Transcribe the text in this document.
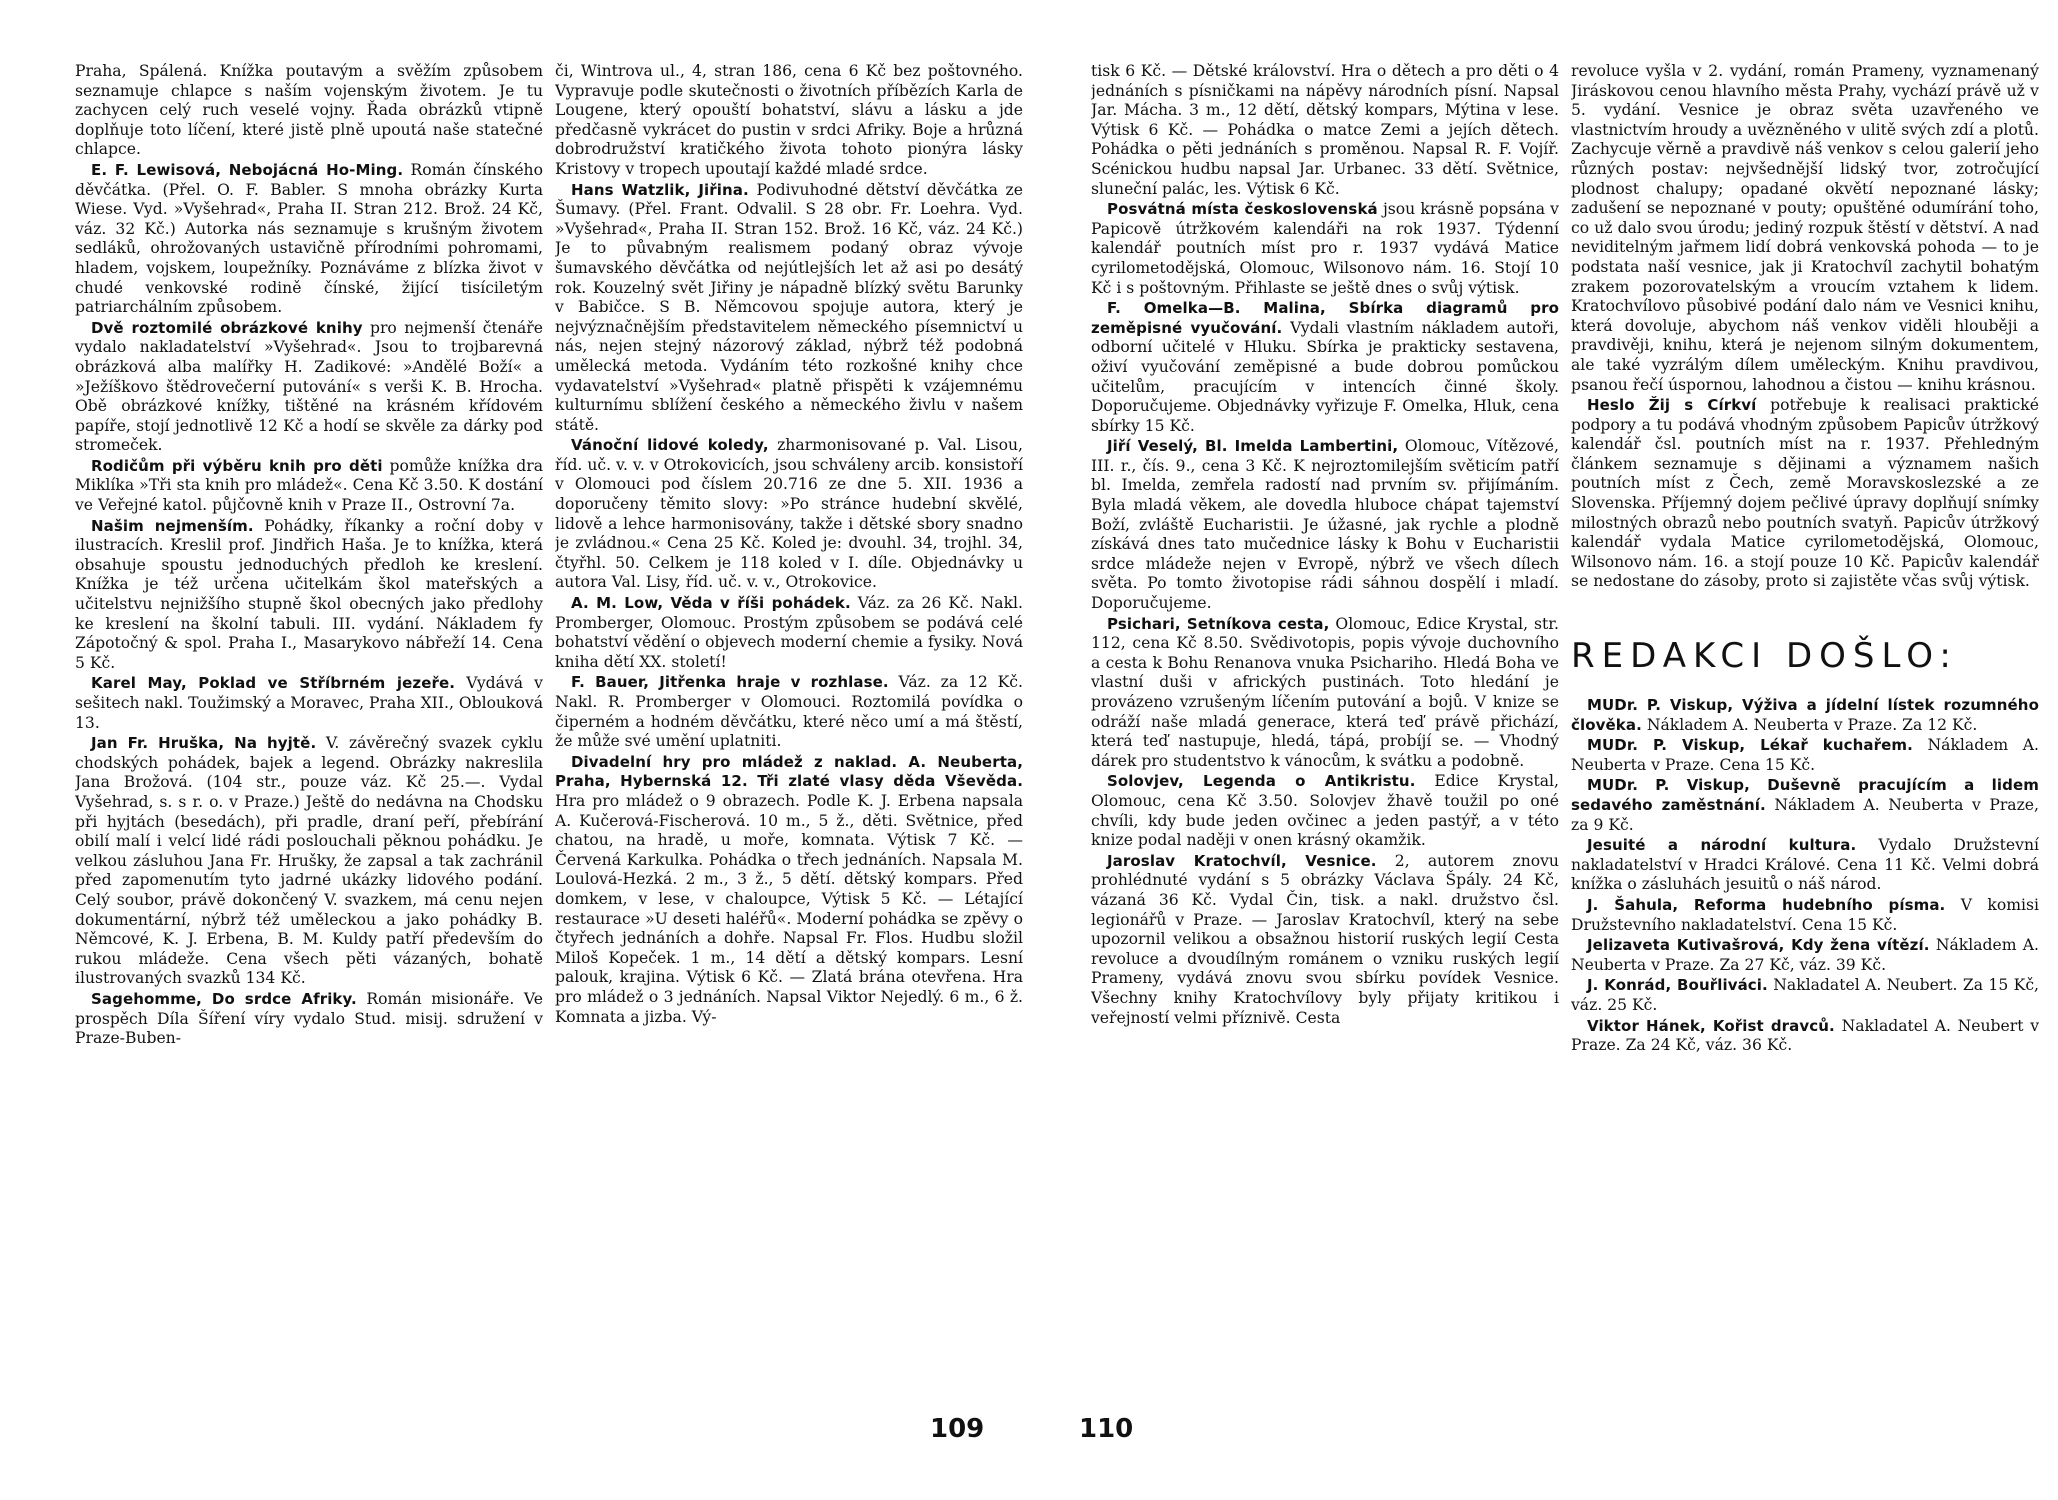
Praha, Spálená. Knížka poutavým a svěžím způsobem seznamuje chlapce s naším vojenským životem. Je tu zachycen celý ruch veselé vojny. Řada obrázků vtipně doplňuje toto líčení, které jistě plně upoutá naše statečné chlapce.

E. F. Lewisová, Nebojácná Ho-Ming. Román čínského děvčátka. (Přel. O. F. Babler. S mnoha obrázky Kurta Wiese. Vyd. »Vyšehrad«, Praha II. Stran 212. Brož. 24 Kč, váz. 32 Kč.) Autorka nás seznamuje s krušným životem sedláků, ohrožovaných ustavičně přírodními pohromami, hladem, vojskem, loupežníky. Poznáváme z blízka život v chudé venkovské rodině čínské, žijící tisíciletým patriarchálním způsobem.

Dvě roztomilé obrázkové knihy pro nejmenší čtenáře vydalo nakladatelství »Vyšehrad«. Jsou to trojbarevná obrázková alba malířky H. Zadikové: »Andělé Boží« a »Ježíškovo štědrovečerní putování« s verši K. B. Hrocha. Obě obrázkové knížky, tištěné na krásném křídovém papíře, stojí jednotlivě 12 Kč a hodí se skvěle za dárky pod stromeček.

Rodičům při výběru knih pro děti pomůže knížka dra Miklíka »Tři sta knih pro mládež«. Cena Kč 3.50. K dostání ve Veřejné katol. půjčovně knih v Praze II., Ostrovní 7a.

Našim nejmenším. Pohádky, říkanky a roční doby v ilustracích. Kreslil prof. Jindřich Haša. Je to knížka, která obsahuje spoustu jednoduchých předloh ke kreslení. Knížka je též určena učitelkám škol mateřských a učitelstvu nejnižšího stupně škol obecných jako předlohy ke kreslení na školní tabuli. III. vydání. Nákladem fy Zápotočný & spol. Praha I., Masarykovo nábřeží 14. Cena 5 Kč.

Karel May, Poklad ve Stříbrném jezeře. Vydává v sešitech nakl. Toužimský a Moravec, Praha XII., Oblouková 13.

Jan Fr. Hruška, Na hyjtě. V. závěrečný svazek cyklu chodských pohádek, bajek a legend. Obrázky nakreslila Jana Brožová. (104 str., pouze váz. Kč 25.—. Vydal Vyšehrad, s. s r. o. v Praze.) Ještě do nedávna na Chodsku při hyjtách (besedách), při pradle, draní peří, přebírání obilí malí i velcí lidé rádi poslouchali pěknou pohádku. Je velkou zásluhou Jana Fr. Hrušky, že zapsal a tak zachránil před zapomenutím tyto jadrné ukázky lidového podání. Celý soubor, právě dokončený V. svazkem, má cenu nejen dokumentární, nýbrž též uměleckou a jako pohádky B. Němcové, K. J. Erbena, B. M. Kuldy patří především do rukou mládeže. Cena všech pěti vázaných, bohatě ilustrovaných svazků 134 Kč.

Sagehomme, Do srdce Afriky. Román misionáře. Ve prospěch Díla Šíření víry vydalo Stud. misij. sdružení v Praze-Buben-

či, Wintrova ul., 4, stran 186, cena 6 Kč bez poštovného. Vypravuje podle skutečnosti o životních příbězích Karla de Lougene, který opouští bohatství, slávu a lásku a jde předčasně vykrácet do pustin v srdci Afriky. Boje a hrůzná dobrodružství kratičkého života tohoto pionýra lásky Kristovy v tropech upoutají každé mladé srdce.

Hans Watzlik, Jiřina. Podivuhodné dětství děvčátka ze Šumavy. (Přel. Frant. Odvalil. S 28 obr. Fr. Loehra. Vyd. »Vyšehrad«, Praha II. Stran 152. Brož. 16 Kč, váz. 24 Kč.) Je to půvabným realismem podaný obraz vývoje šumavského děvčátka od nejútlejších let až asi po desátý rok. Kouzelný svět Jiřiny je nápadně blízký světu Barunky v Babičce. S B. Němcovou spojuje autora, který je nejvýznačnějším představitelem německého písemnictví u nás, nejen stejný názorový základ, nýbrž též podobná umělecká metoda. Vydáním této rozkošné knihy chce vydavatelství »Vyšehrad« platně přispěti k vzájemnému kulturnímu sblížení českého a německého živlu v našem státě.

Vánoční lidové koledy, zharmonisované p. Val. Lisou, říd. uč. v. v. v Otrokovicích, jsou schváleny arcib. konsistoří v Olomouci pod číslem 20.716 ze dne 5. XII. 1936 a doporučeny těmito slovy: »Po stránce hudební skvělé, lidově a lehce harmonisovány, takže i dětské sbory snadno je zvládnou.« Cena 25 Kč. Koled je: dvouhl. 34, trojhl. 34, čtyřhl. 50. Celkem je 118 koled v I. díle. Objednávky u autora Val. Lisy, říd. uč. v. v., Otrokovice.

A. M. Low, Věda v říši pohádek. Váz. za 26 Kč. Nakl. Promberger, Olomouc. Prostým způsobem se podává celé bohatství vědění o objevech moderní chemie a fysiky. Nová kniha dětí XX. století!

F. Bauer, Jitřenka hraje v rozhlase. Váz. za 12 Kč. Nakl. R. Promberger v Olomouci. Roztomilá povídka o čiperném a hodném děvčátku, které něco umí a má štěstí, že může své umění uplatniti.

Divadelní hry pro mládež z naklad. A. Neuberta, Praha, Hybernská 12. Tři zlaté vlasy děda Vševěda. Hra pro mládež o 9 obrazech. Podle K. J. Erbena napsala A. Kučerová-Fischerová. 10 m., 5 ž., děti. Světnice, před chatou, na hradě, u moře, komnata. Výtisk 7 Kč. — Červená Karkulka. Pohádka o třech jednáních. Napsala M. Loulová-Hezká. 2 m., 3 ž., 5 dětí. dětský kompars. Před domkem, v lese, v chaloupce, Výtisk 5 Kč. — Létající restaurace »U deseti haléřů«. Moderní pohádka se zpěvy o čtyřech jednáních a dohře. Napsal Fr. Flos. Hudbu složil Miloš Kopeček. 1 m., 14 dětí a dětský kompars. Lesní palouk, krajina. Výtisk 6 Kč. — Zlatá brána otevřena. Hra pro mládež o 3 jednáních. Napsal Viktor Nejedlý. 6 m., 6 ž. Komnata a jizba. Vý-

109

tisk 6 Kč. — Dětské království. Hra o dětech a pro děti o 4 jednáních s písničkami na nápěvy národních písní. Napsal Jar. Mácha. 3 m., 12 dětí, dětský kompars, Mýtina v lese. Výtisk 6 Kč. — Pohádka o matce Zemi a jejích dětech. Pohádka o pěti jednáních s proměnou. Napsal R. F. Vojíř. Scénickou hudbu napsal Jar. Urbanec. 33 dětí. Světnice, sluneční palác, les. Výtisk 6 Kč.

Posvátná místa československá jsou krásně popsána v Papicově útržkovém kalendáři na rok 1937. Týdenní kalendář poutních míst pro r. 1937 vydává Matice cyrilometodějská, Olomouc, Wilsonovo nám. 16. Stojí 10 Kč i s poštovným. Přihlaste se ještě dnes o svůj výtisk.

F. Omelka—B. Malina, Sbírka diagramů pro zeměpisné vyučování. Vydali vlastním nákladem autoři, odborní učitelé v Hluku. Sbírka je prakticky sestavena, oživí vyučování zeměpisné a bude dobrou pomůckou učitelům, pracujícím v intencích činné školy. Doporučujeme. Objednávky vyřizuje F. Omelka, Hluk, cena sbírky 15 Kč.

Jiří Veselý, Bl. Imelda Lambertini, Olomouc, Vítězové, III. r., čís. 9., cena 3 Kč. K nejroztomilejším světicím patří bl. Imelda, zemřela radostí nad prvním sv. přijímáním. Byla mladá věkem, ale dovedla hluboce chápat tajemství Boží, zvláště Eucharistii. Je úžasné, jak rychle a plodně získává dnes tato mučednice lásky k Bohu v Eucharistii srdce mládeže nejen v Evropě, nýbrž ve všech dílech světa. Po tomto životopise rádi sáhnou dospělí i mladí. Doporučujeme.

Psichari, Setníkova cesta, Olomouc, Edice Krystal, str. 112, cena Kč 8.50. Svědivotopis, popis vývoje duchovního a cesta k Bohu Renanova vnuka Psichariho. Hledá Boha ve vlastní duši v afrických pustinách. Toto hledání je provázeno vzrušeným líčením putování a bojů. V knize se odráží naše mladá generace, která teď právě přichází, která teď nastupuje, hledá, tápá, probíjí se. — Vhodný dárek pro studentstvo k vánocům, k svátku a podobně.

Solovjev, Legenda o Antikristu. Edice Krystal, Olomouc, cena Kč 3.50. Solovjev žhavě toužil po oné chvíli, kdy bude jeden ovčinec a jeden pastýř, a v této knize podal naději v onen krásný okamžik.

Jaroslav Kratochvíl, Vesnice. 2, autorem znovu prohlédnuté vydání s 5 obrázky Václava Špály. 24 Kč, vázaná 36 Kč. Vydal Čin, tisk. a nakl. družstvo čsl. legionářů v Praze. — Jaroslav Kratochvíl, který na sebe upozornil velikou a obsažnou historií ruských legií Cesta revoluce a dvoudílným románem o vzniku ruských legií Prameny, vydává znovu svou sbírku povídek Vesnice. Všechny knihy Kratochvílovy byly přijaty kritikou i veřejností velmi příznivě. Cesta

revoluce vyšla v 2. vydání, román Prameny, vyznamenaný Jiráskovou cenou hlavního města Prahy, vychází právě už v 5. vydání. Vesnice je obraz světa uzavřeného ve vlastnictvím hroudy a uvězněného v ulitě svých zdí a plotů. Zachycuje věrně a pravdivě náš venkov s celou galerií jeho různých postav: nejvšednější lidský tvor, zotročující plodnost chalupy; opadané okvětí nepoznané lásky; zadušení se nepoznané v pouty; opuštěné odumírání toho, co už dalo svou úrodu; jediný rozpuk štěstí v dětství. A nad neviditelným jařmem lidí dobrá venkovská pohoda — to je podstata naší vesnice, jak ji Kratochvíl zachytil bohatým zrakem pozorovatelským a vroucím vztahem k lidem. Kratochvílovo působivé podání dalo nám ve Vesnici knihu, která dovoluje, abychom náš venkov viděli hlouběji a pravdivěji, knihu, která je nejenom silným dokumentem, ale také vyzrálým dílem uměleckým. Knihu pravdivou, psanou řečí úspornou, lahodnou a čistou — knihu krásnou.

Heslo Žij s Církví potřebuje k realisaci praktické podpory a tu podává vhodným způsobem Papicův útržkový kalendář čsl. poutních míst na r. 1937. Přehledným článkem seznamuje s dějinami a významem našich poutních míst z Čech, země Moravskoslezské a ze Slovenska. Příjemný dojem pečlivé úpravy doplňují snímky milostných obrazů nebo poutních svatyň. Papicův útržkový kalendář vydala Matice cyrilometodějská, Olomouc, Wilsonovo nám. 16. a stojí pouze 10 Kč. Papicův kalendář se nedostane do zásoby, proto si zajistěte včas svůj výtisk.

REDAKCI DOŠLO:

MUDr. P. Viskup, Výživa a jídelní lístek rozumného člověka. Nákladem A. Neuberta v Praze. Za 12 Kč.

MUDr. P. Viskup, Lékař kuchařem. Nákladem A. Neuberta v Praze. Cena 15 Kč.

MUDr. P. Viskup, Duševně pracujícím a lidem sedavého zaměstnání. Nákladem A. Neuberta v Praze, za 9 Kč.

Jesuité a národní kultura. Vydalo Družstevní nakladatelství v Hradci Králové. Cena 11 Kč. Velmi dobrá knížka o zásluhách jesuitů o náš národ.

J. Šahula, Reforma hudebního písma. V komisi Družstevního nakladatelství. Cena 15 Kč.

Jelizaveta Kutivašrová, Kdy žena vítězí. Nákladem A. Neuberta v Praze. Za 27 Kč, váz. 39 Kč.

J. Konrád, Bouřliváci. Nakladatel A. Neubert. Za 15 Kč, váz. 25 Kč.

Viktor Hánek, Kořist dravců. Nakladatel A. Neubert v Praze. Za 24 Kč, váz. 36 Kč.

110
